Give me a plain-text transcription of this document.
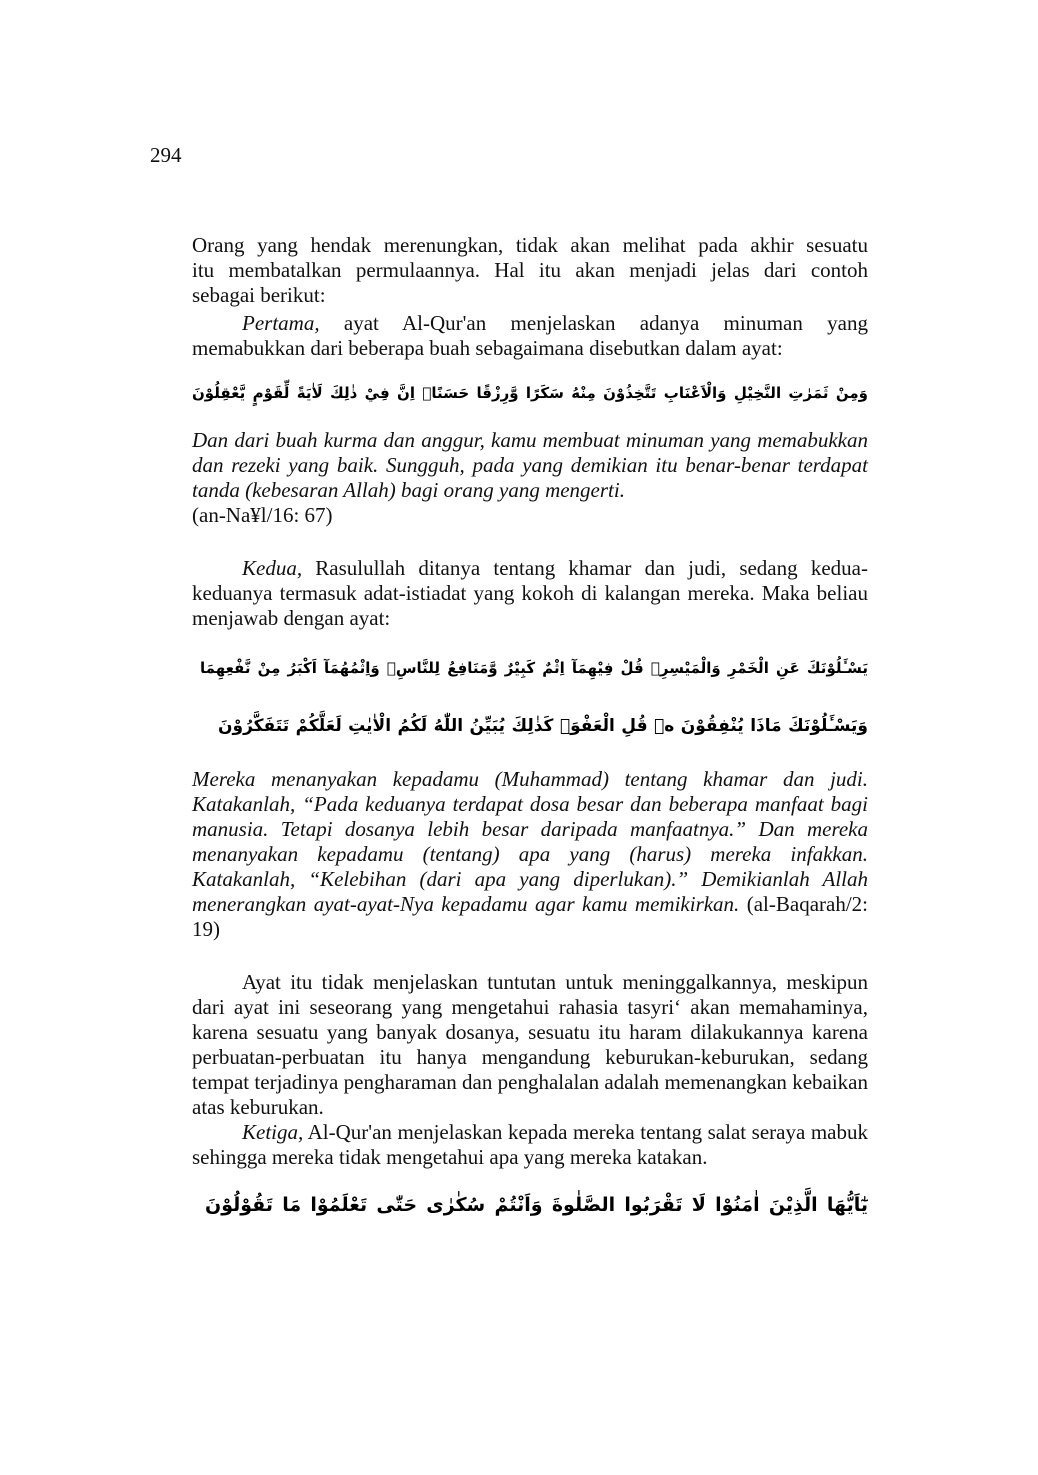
294
Orang yang hendak merenungkan, tidak akan melihat pada akhir sesuatu
itu membatalkan permulaannya. Hal itu akan menjadi jelas dari contoh
sebagai berikut:

Pertama, ayat Al-Qur'an menjelaskan adanya minuman yang memabukkan dari beberapa buah sebagaimana disebutkan dalam ayat:

وَمِنْ ثَمَرٰتِ النَّخِيْلِ وَالْاَعْنَابِ تَتَّخِذُوْنَ مِنْهُ سَكَرًا وَّرِزْقًا حَسَنًاۗ اِنَّ فِيْ ذٰلِكَ لَاٰيَةً لِّقَوْمٍ يَّعْقِلُوْنَ

Dan dari buah kurma dan anggur, kamu membuat minuman yang memabukkan dan rezeki yang baik. Sungguh, pada yang demikian itu benar-benar terdapat tanda (kebesaran Allah) bagi orang yang mengerti.
(an-Na¥l/16: 67)

Kedua, Rasulullah ditanya tentang khamar dan judi, sedang kedua-keduanya termasuk adat-istiadat yang kokoh di kalangan mereka. Maka beliau menjawab dengan ayat:

يَسْـَٔلُوْنَكَ عَنِ الْخَمْرِ وَالْمَيْسِرِۗ قُلْ فِيْهِمَآ اِثْمٌ كَبِيْرٌ وَّمَنَافِعُ لِلنَّاسِۖ وَاِثْمُهُمَآ اَكْبَرُ مِنْ نَّفْعِهِمَا
وَيَسْـَٔلُوْنَكَ مَاذَا يُنْفِقُوْنَ ەۗ قُلِ الْعَفْوَۗ كَذٰلِكَ يُبَيِّنُ اللّٰهُ لَكُمُ الْاٰيٰتِ لَعَلَّكُمْ تَتَفَكَّرُوْنَ

Mereka menanyakan kepadamu (Muhammad) tentang khamar dan judi. Katakanlah, “Pada keduanya terdapat dosa besar dan beberapa manfaat bagi manusia. Tetapi dosanya lebih besar daripada manfaatnya.” Dan mereka menanyakan kepadamu (tentang) apa yang (harus) mereka infakkan. Katakanlah, “Kelebihan (dari apa yang diperlukan).” Demikianlah Allah menerangkan ayat-ayat-Nya kepadamu agar kamu memikirkan. (al-Baqarah/2: 19)

Ayat itu tidak menjelaskan tuntutan untuk meninggalkannya, meskipun dari ayat ini seseorang yang mengetahui rahasia tasyri‘ akan memahaminya, karena sesuatu yang banyak dosanya, sesuatu itu haram dilakukannya karena perbuatan-perbuatan itu hanya mengandung keburukan-keburukan, sedang tempat terjadinya pengharaman dan penghalalan adalah memenangkan kebaikan atas keburukan.

Ketiga, Al-Qur'an menjelaskan kepada mereka tentang salat seraya mabuk sehingga mereka tidak mengetahui apa yang mereka katakan.

يٰٓاَيُّهَا الَّذِيْنَ اٰمَنُوْا لَا تَقْرَبُوا الصَّلٰوةَ وَاَنْتُمْ سُكٰرٰى حَتّٰى تَعْلَمُوْا مَا تَقُوْلُوْنَ
